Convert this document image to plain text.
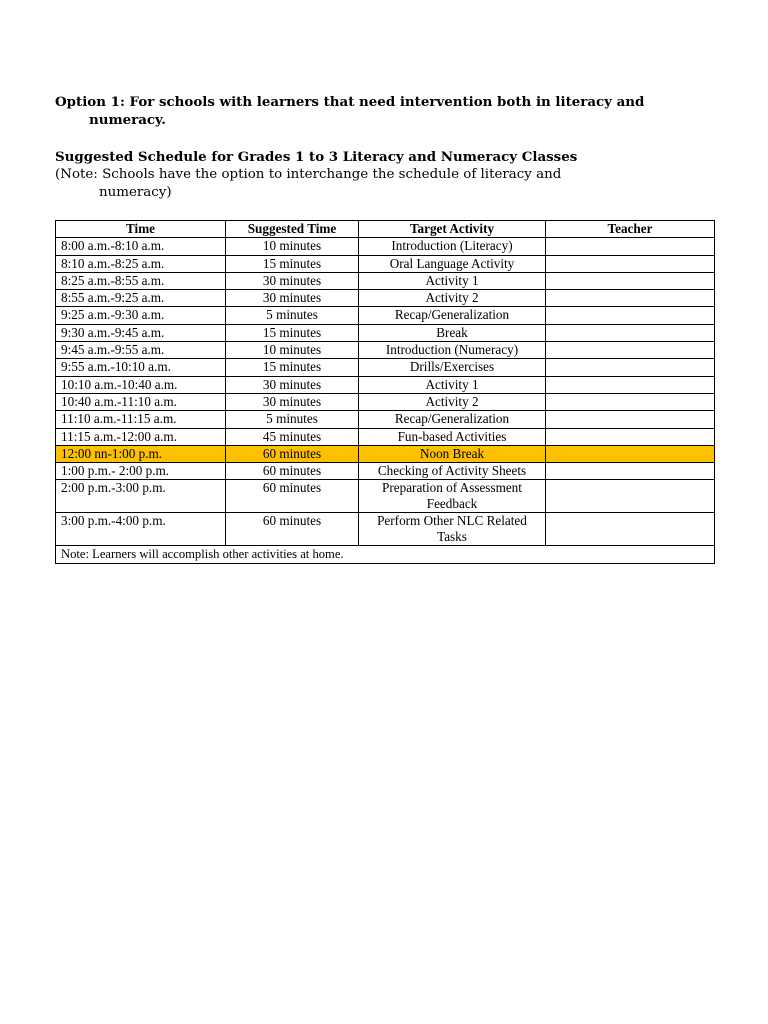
Option 1: For schools with learners that need intervention both in literacy and
numeracy.

Suggested Schedule for Grades 1 to 3 Literacy and Numeracy Classes

(Note: Schools have the option to interchange the schedule of literacy and
numeracy)

Time	Suggested Time	Target Activity	Teacher
8:00 a.m.-8:10 a.m.	10 minutes	Introduction (Literacy)	
8:10 a.m.-8:25 a.m.	15 minutes	Oral Language Activity	
8:25 a.m.-8:55 a.m.	30 minutes	Activity 1	
8:55 a.m.-9:25 a.m.	30 minutes	Activity 2	
9:25 a.m.-9:30 a.m.	5 minutes	Recap/Generalization	
9:30 a.m.-9:45 a.m.	15 minutes	Break	
9:45 a.m.-9:55 a.m.	10 minutes	Introduction (Numeracy)	
9:55 a.m.-10:10 a.m.	15 minutes	Drills/Exercises	
10:10 a.m.-10:40 a.m.	30 minutes	Activity 1	
10:40 a.m.-11:10 a.m.	30 minutes	Activity 2	
11:10 a.m.-11:15 a.m.	5 minutes	Recap/Generalization	
11:15 a.m.-12:00 a.m.	45 minutes	Fun-based Activities	
12:00 nn-1:00 p.m.	60 minutes	Noon Break	
1:00 p.m.- 2:00 p.m.	60 minutes	Checking of Activity Sheets	
2:00 p.m.-3:00 p.m.	60 minutes	Preparation of Assessment Feedback	
3:00 p.m.-4:00 p.m.	60 minutes	Perform Other NLC Related Tasks	
Note: Learners will accomplish other activities at home.			
